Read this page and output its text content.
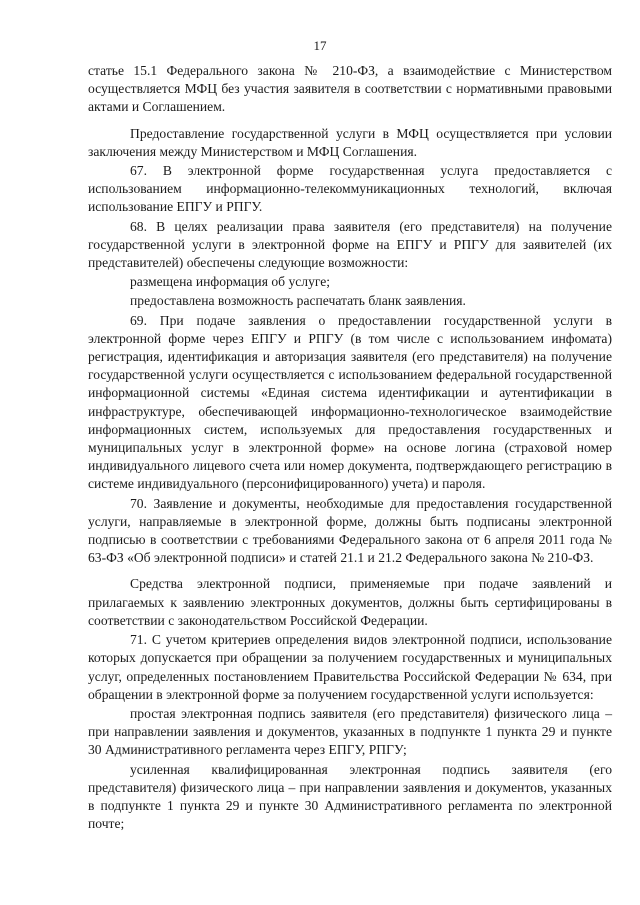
17

статье 15.1 Федерального закона № 210-ФЗ, а взаимодействие с Министерством осуществляется МФЦ без участия заявителя в соответствии с нормативными правовыми актами и Соглашением.

Предоставление государственной услуги в МФЦ осуществляется при условии заключения между Министерством и МФЦ Соглашения.

67. В электронной форме государственная услуга предоставляется с использованием информационно-телекоммуникационных технологий, включая использование ЕПГУ и РПГУ.

68. В целях реализации права заявителя (его представителя) на получение государственной услуги в электронной форме на ЕПГУ и РПГУ для заявителей (их представителей) обеспечены следующие возможности:

размещена информация об услуге;

предоставлена возможность распечатать бланк заявления.

69. При подаче заявления о предоставлении государственной услуги в электронной форме через ЕПГУ и РПГУ (в том числе с использованием инфомата) регистрация, идентификация и авторизация заявителя (его представителя) на получение государственной услуги осуществляется с использованием федеральной государственной информационной системы «Единая система идентификации и аутентификации в инфраструктуре, обеспечивающей информационно-технологическое взаимодействие информационных систем, используемых для предоставления государственных и муниципальных услуг в электронной форме» на основе логина (страховой номер индивидуального лицевого счета или номер документа, подтверждающего регистрацию в системе индивидуального (персонифицированного) учета) и пароля.

70. Заявление и документы, необходимые для предоставления государственной услуги, направляемые в электронной форме, должны быть подписаны электронной подписью в соответствии с требованиями Федерального закона от 6 апреля 2011 года № 63-ФЗ «Об электронной подписи» и статей 21.1 и 21.2 Федерального закона № 210-ФЗ.

Средства электронной подписи, применяемые при подаче заявлений и прилагаемых к заявлению электронных документов, должны быть сертифицированы в соответствии с законодательством Российской Федерации.

71. С учетом критериев определения видов электронной подписи, использование которых допускается при обращении за получением государственных и муниципальных услуг, определенных постановлением Правительства Российской Федерации № 634, при обращении в электронной форме за получением государственной услуги используется:

простая электронная подпись заявителя (его представителя) физического лица – при направлении заявления и документов, указанных в подпункте 1 пункта 29 и пункте 30 Административного регламента через ЕПГУ, РПГУ;

усиленная квалифицированная электронная подпись заявителя (его представителя) физического лица – при направлении заявления и документов, указанных в подпункте 1 пункта 29 и пункте 30 Административного регламента по электронной почте;
